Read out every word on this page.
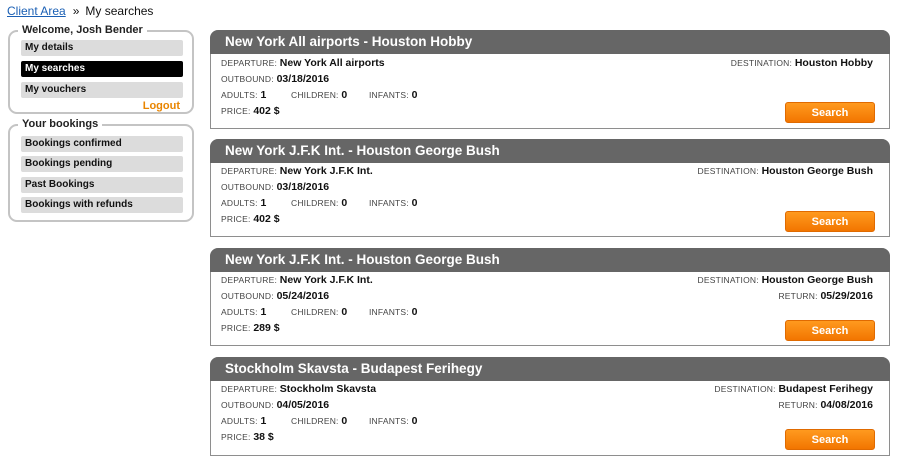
Client Area » My searches
Welcome, Josh Bender
My details
My searches
My vouchers
Logout
Your bookings
Bookings confirmed
Bookings pending
Past Bookings
Bookings with refunds
New York All airports - Houston Hobby
DEPARTURE: New York All airports	DESTINATION: Houston Hobby
OUTBOUND: 03/18/2016
ADULTS: 1	CHILDREN: 0	INFANTS: 0
PRICE: 402 $	Search
New York J.F.K Int. - Houston George Bush
DEPARTURE: New York J.F.K Int.	DESTINATION: Houston George Bush
OUTBOUND: 03/18/2016
ADULTS: 1	CHILDREN: 0	INFANTS: 0
PRICE: 402 $	Search
New York J.F.K Int. - Houston George Bush
DEPARTURE: New York J.F.K Int.	DESTINATION: Houston George Bush
OUTBOUND: 05/24/2016	RETURN: 05/29/2016
ADULTS: 1	CHILDREN: 0	INFANTS: 0
PRICE: 289 $	Search
Stockholm Skavsta - Budapest Ferihegy
DEPARTURE: Stockholm Skavsta	DESTINATION: Budapest Ferihegy
OUTBOUND: 04/05/2016	RETURN: 04/08/2016
ADULTS: 1	CHILDREN: 0	INFANTS: 0
PRICE: 38 $	Search
